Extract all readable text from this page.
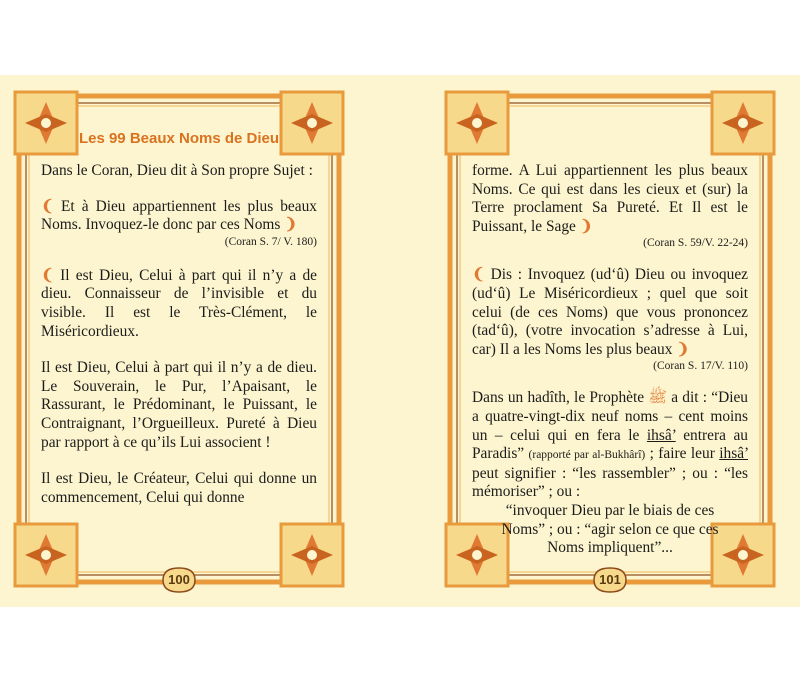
Les 99 Beaux Noms de Dieu

Dans le Coran, Dieu dit à Son propre Sujet :

❨ Et à Dieu appartiennent les plus beaux Noms. Invoquez-le donc par ces Noms ❩

(Coran S. 7/ V. 180)

❨ Il est Dieu, Celui à part qui il n’y a de dieu. Connaisseur de l’invisible et du visible. Il est le Très-Clément, le Miséricordieux.

Il est Dieu, Celui à part qui il n’y a de dieu. Le Souverain, le Pur, l’Apaisant, le Rassurant, le Prédominant, le Puissant, le Contraignant, l’Orgueilleux. Pureté à Dieu par rapport à ce qu’ils Lui associent !

Il est Dieu, le Créateur, Celui qui donne un commencement, Celui qui donne

100

forme. A Lui appartiennent les plus beaux Noms. Ce qui est dans les cieux et (sur) la Terre proclament Sa Pureté. Et Il est le Puissant, le Sage ❩

(Coran S. 59/V. 22-24)

❨ Dis : Invoquez (ud‘û) Dieu ou invoquez (ud‘û) Le Miséricordieux ; quel que soit celui (de ces Noms) que vous prononcez (tad‘û), (votre invocation s’adresse à Lui, car) Il a les Noms les plus beaux ❩

(Coran S. 17/V. 110)

Dans un hadîth, le Prophète ﷺ a dit : “Dieu a quatre-vingt-dix neuf noms – cent moins un – celui qui en fera le ihsâ’ entrera au Paradis” (rapporté par al-Bukhârî) ; faire leur ihsâ’ peut signifier : “les rassembler” ; ou : “les mémoriser” ; ou :

“invoquer Dieu par le biais de ces Noms” ; ou : “agir selon ce que ces Noms impliquent”...

101
